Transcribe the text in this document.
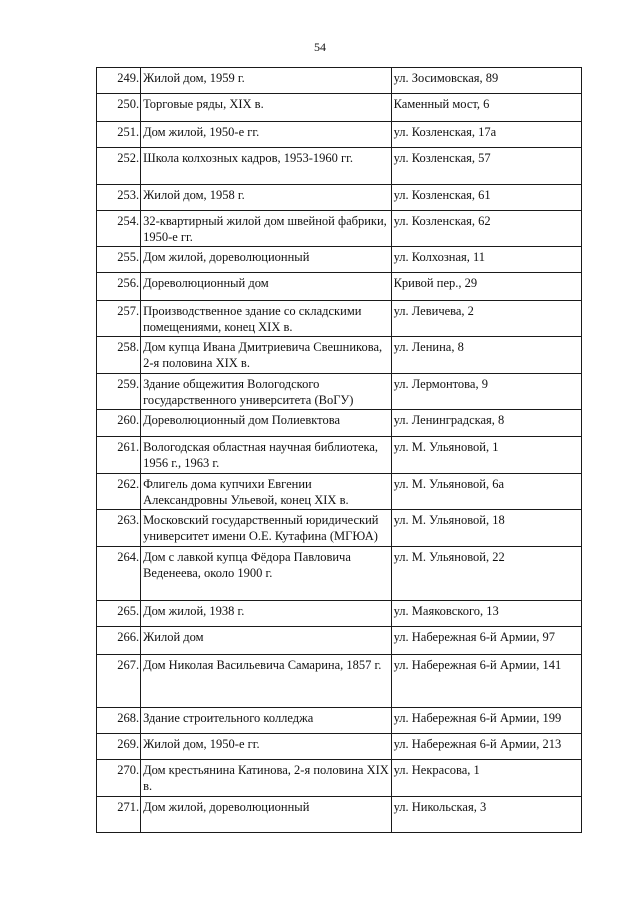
54
249.	Жилой дом, 1959 г.	ул. Зосимовская, 89
250.	Торговые ряды, XIX в.	Каменный мост, 6
251.	Дом жилой, 1950-е гг.	ул. Козленская, 17а
252.	Школа колхозных кадров, 1953-1960 гг.	ул. Козленская, 57
253.	Жилой дом, 1958 г.	ул. Козленская, 61
254.	32-квартирный жилой дом швейной фабрики, 1950-е гг.	ул. Козленская, 62
255.	Дом жилой, дореволюционный	ул. Колхозная, 11
256.	Дореволюционный дом	Кривой пер., 29
257.	Производственное здание со складскими помещениями, конец XIX в.	ул. Левичева, 2
258.	Дом купца Ивана Дмитриевича Свешникова, 2-я половина XIX в.	ул. Ленина, 8
259.	Здание общежития Вологодского государственного университета (ВоГУ)	ул. Лермонтова, 9
260.	Дореволюционный дом Полиевктова	ул. Ленинградская, 8
261.	Вологодская областная научная библиотека, 1956 г., 1963 г.	ул. М. Ульяновой, 1
262.	Флигель дома купчихи Евгении Александровны Ульевой, конец XIX в.	ул. М. Ульяновой, 6а
263.	Московский государственный юридический университет имени О.Е. Кутафина (МГЮА)	ул. М. Ульяновой, 18
264.	Дом с лавкой купца Фёдора Павловича Веденеева, около 1900 г.	ул. М. Ульяновой, 22
265.	Дом жилой, 1938 г.	ул. Маяковского, 13
266.	Жилой дом	ул. Набережная 6-й Армии, 97
267.	Дом Николая Васильевича Самарина, 1857 г.	ул. Набережная 6-й Армии, 141
268.	Здание строительного колледжа	ул. Набережная 6-й Армии, 199
269.	Жилой дом, 1950-е гг.	ул. Набережная 6-й Армии, 213
270.	Дом крестьянина Катинова, 2-я половина XIX в.	ул. Некрасова, 1
271.	Дом жилой, дореволюционный	ул. Никольская, 3
